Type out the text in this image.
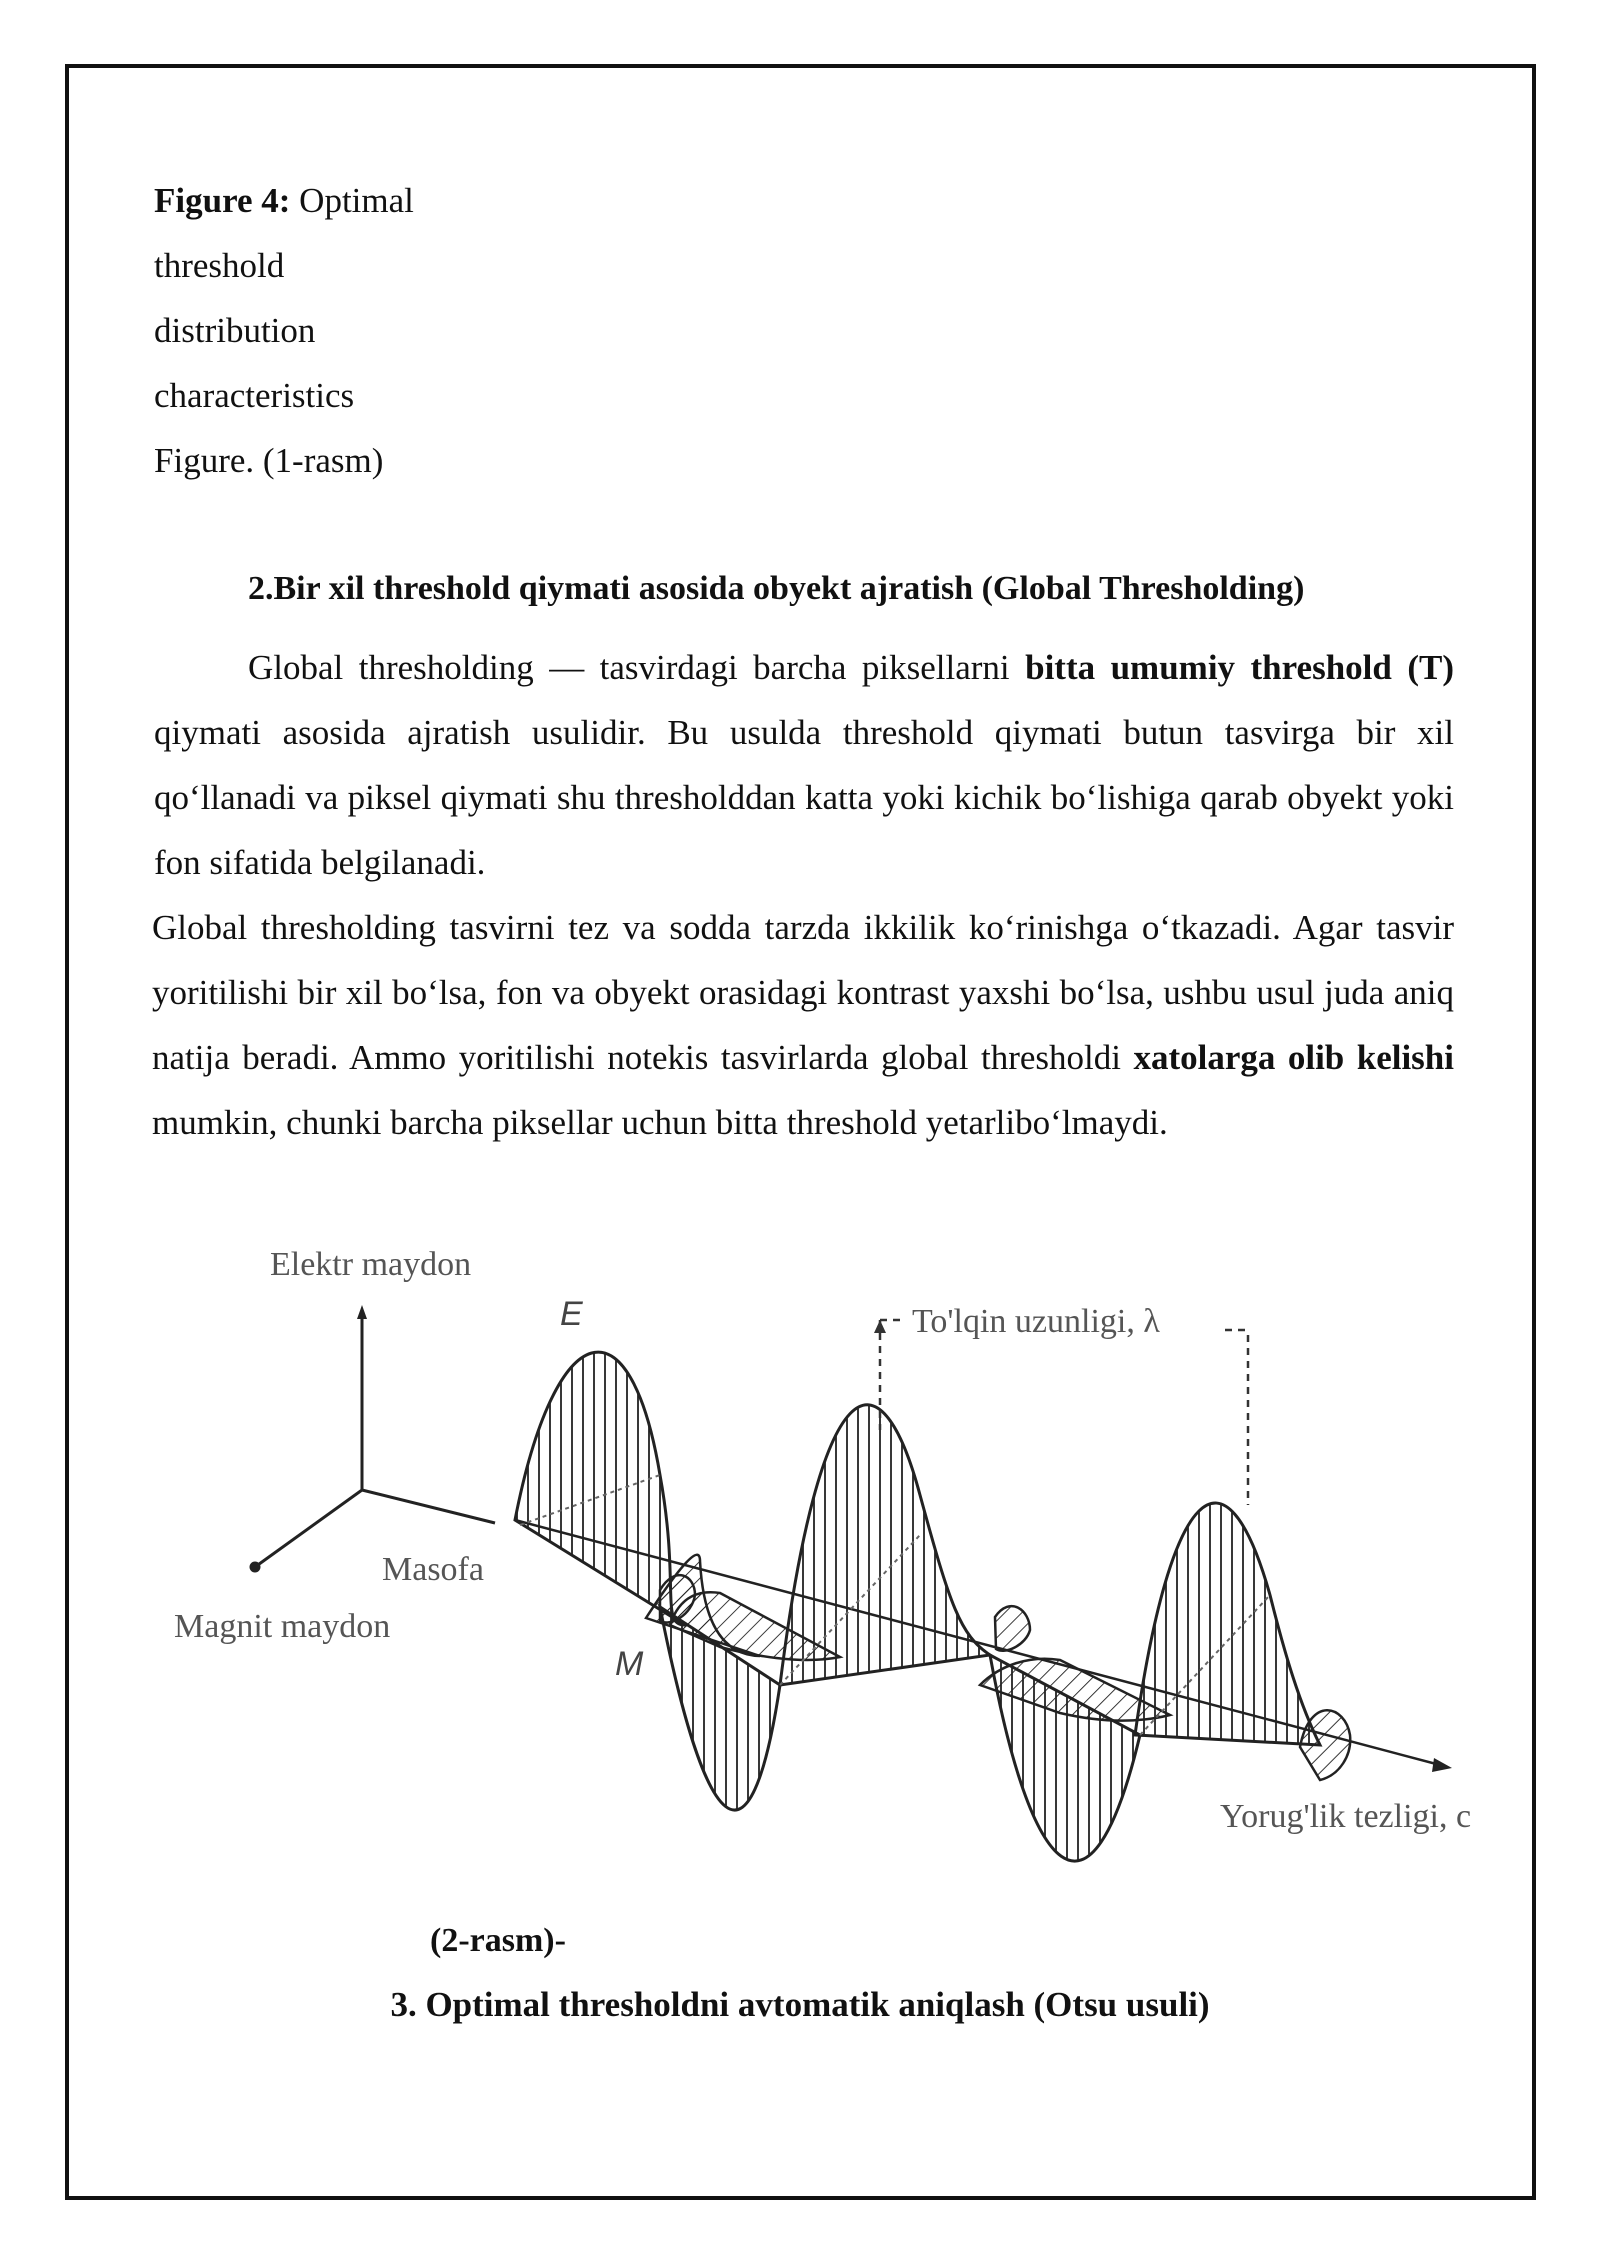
Figure 4: Optimal
threshold
distribution
characteristics
Figure. (1-rasm)
2.Bir xil threshold qiymati asosida obyekt ajratish (Global Thresholding)
Global thresholding — tasvirdagi barcha piksellarni bitta umumiy threshold (T) qiymati asosida ajratish usulidir. Bu usulda threshold qiymati butun tasvirga bir xil qo‘llanadi va piksel qiymati shu thresholddan katta yoki kichik bo‘lishiga qarab obyekt yoki fon sifatida belgilanadi.
Global thresholding tasvirni tez va sodda tarzda ikkilik ko‘rinishga o‘tkazadi. Agar tasvir yoritilishi bir xil bo‘lsa, fon va obyekt orasidagi kontrast yaxshi bo‘lsa, ushbu usul juda aniq natija beradi. Ammo yoritilishi notekis tasvirlarda global thresholdi xatolarga olib kelishi mumkin, chunki barcha piksellar uchun bitta threshold yetarlibo‘lmaydi.
Elektr maydon
Masofa
Magnit maydon
To'lqin uzunligi, λ
E
M
Yorug'lik tezligi, c
(2-rasm)-
3. Optimal thresholdni avtomatik aniqlash (Otsu usuli)
